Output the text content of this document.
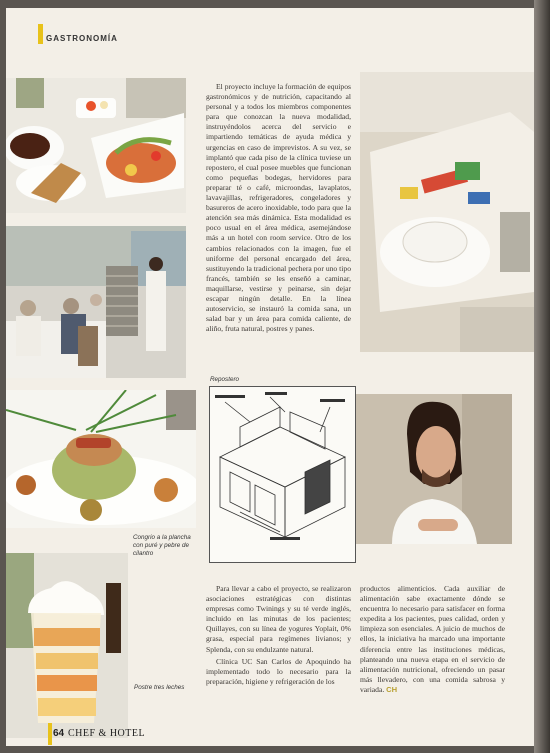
GASTRONOMÍA
El proyecto incluye la formación de equipos gastronómicos y de nutrición, capacitando al personal y a todos los miembros componentes para que conozcan la nueva modalidad, instruyéndolos acerca del servicio e impartiendo temáticas de ayuda médica y urgencias en caso de imprevistos. A su vez, se implantó que cada piso de la clínica tuviese un repostero, el cual posee muebles que funcionan como pequeñas bodegas, hervidores para preparar té o café, microondas, lavaplatos, lavavajillas, refrigeradores, congeladores y basureros de acero inoxidable, todo para que la atención sea más dinámica. Esta modalidad es poco usual en el área médica, asemejándose más a un hotel con room service. Otro de los cambios relacionados con la imagen, fue el uniforme del personal encargado del área, sustituyendo la tradicional pechera por uno tipo francés, también se les enseñó a caminar, maquillarse, vestirse y peinarse, sin dejar escapar ningún detalle. En la línea autoservicio, se instauró la comida sana, un salad bar y un área para comida caliente, de aliño, fruta natural, postres y panes.
Para llevar a cabo el proyecto, se realizaron asociaciones estratégicas con distintas empresas como Twinings y su té verde inglés, incluido en las minutas de los pacientes; Quillayes, con su línea de yogures Yoplait, 0% grasa, especial para regímenes livianos; y Splenda, con su endulzante natural.
Clínica UC San Carlos de Apoquindo ha implementado todo lo necesario para la preparación, higiene y refrigeración de los
productos alimenticios. Cada auxiliar de alimentación sabe exactamente dónde se encuentra lo necesario para satisfacer en forma expedita a los pacientes, pues calidad, orden y limpieza son esenciales. A juicio de muchos de ellos, la iniciativa ha marcado una importante diferencia entre las instituciones médicas, planteando una nueva etapa en el servicio de alimentación nutricional, ofreciendo un pasar más llevadero, con una comida sabrosa y variada. CH
Repostero
Congrio a la plancha con puré y pebre de cilantro
Postre tres leches
64 CHEF & HOTEL
